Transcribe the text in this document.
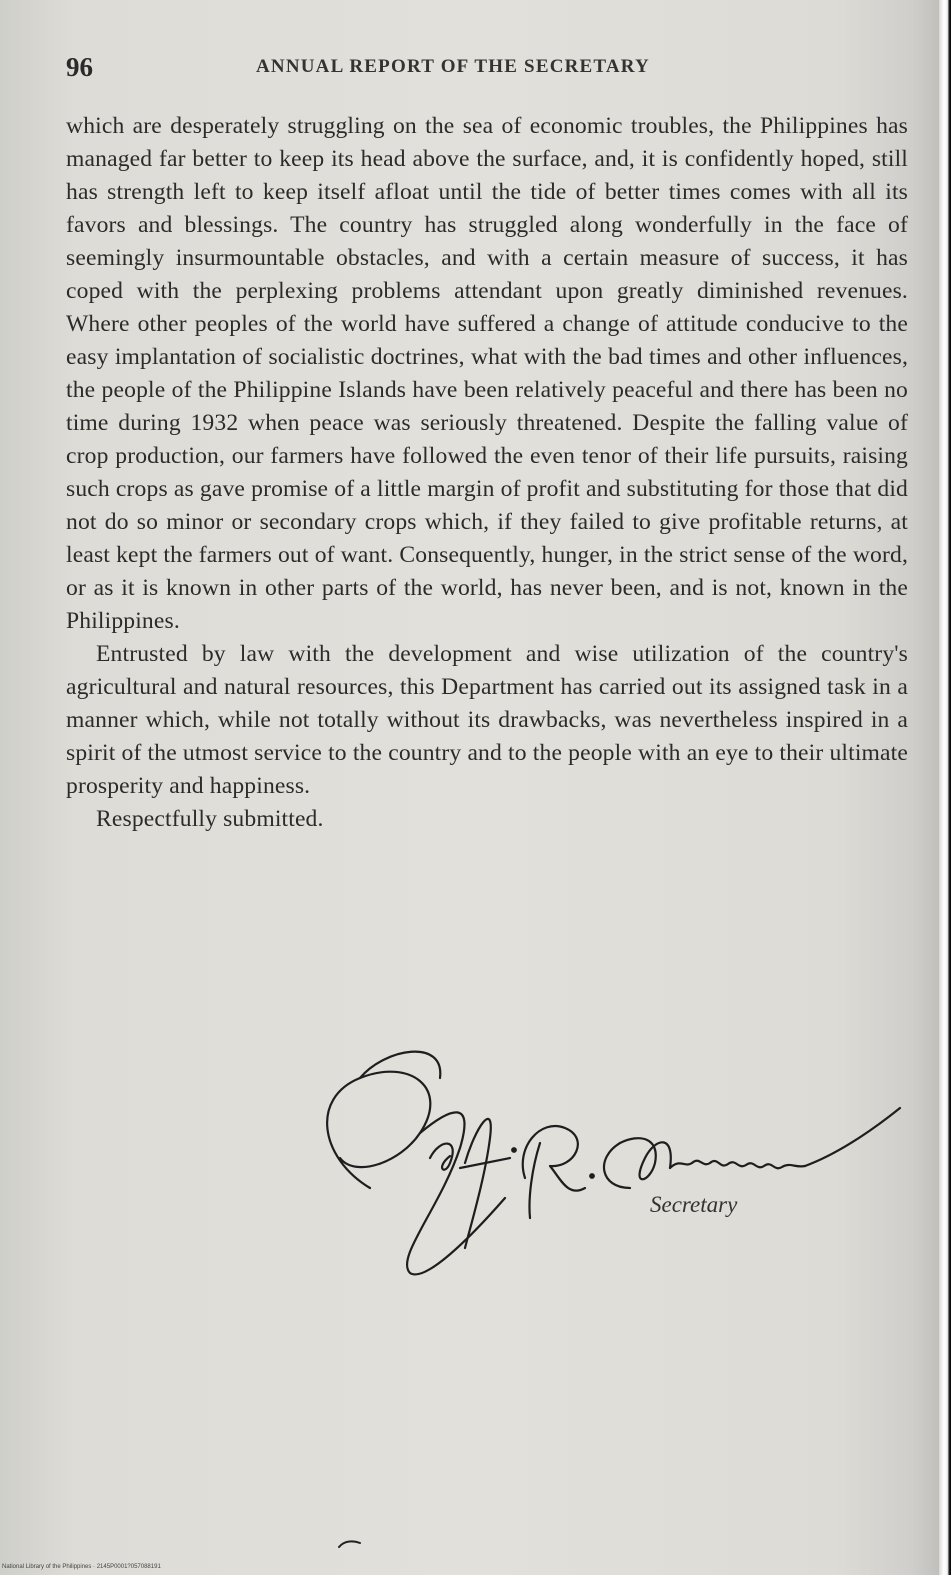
96	ANNUAL REPORT OF THE SECRETARY

which are desperately struggling on the sea of economic troubles, the Philippines has managed far better to keep its head above the surface, and, it is confidently hoped, still has strength left to keep itself afloat until the tide of better times comes with all its favors and blessings. The country has struggled along wonderfully in the face of seemingly insurmountable obstacles, and with a certain measure of success, it has coped with the perplexing problems attendant upon greatly diminished revenues. Where other peoples of the world have suffered a change of attitude conducive to the easy implantation of socialistic doctrines, what with the bad times and other influences, the people of the Philippine Islands have been relatively peaceful and there has been no time during 1932 when peace was seriously threatened. Despite the falling value of crop production, our farmers have followed the even tenor of their life pursuits, raising such crops as gave promise of a little margin of profit and substituting for those that did not do so minor or secondary crops which, if they failed to give profitable returns, at least kept the farmers out of want. Consequently, hunger, in the strict sense of the word, or as it is known in other parts of the world, has never been, and is not, known in the Philippines.

Entrusted by law with the development and wise utilization of the country's agricultural and natural resources, this Department has carried out its assigned task in a manner which, while not totally without its drawbacks, was nevertheless inspired in a spirit of the utmost service to the country and to the people with an eye to their ultimate prosperity and happiness.

Respectfully submitted.

Secretary
National Library of the Philippines · 2145P0001?057088191
